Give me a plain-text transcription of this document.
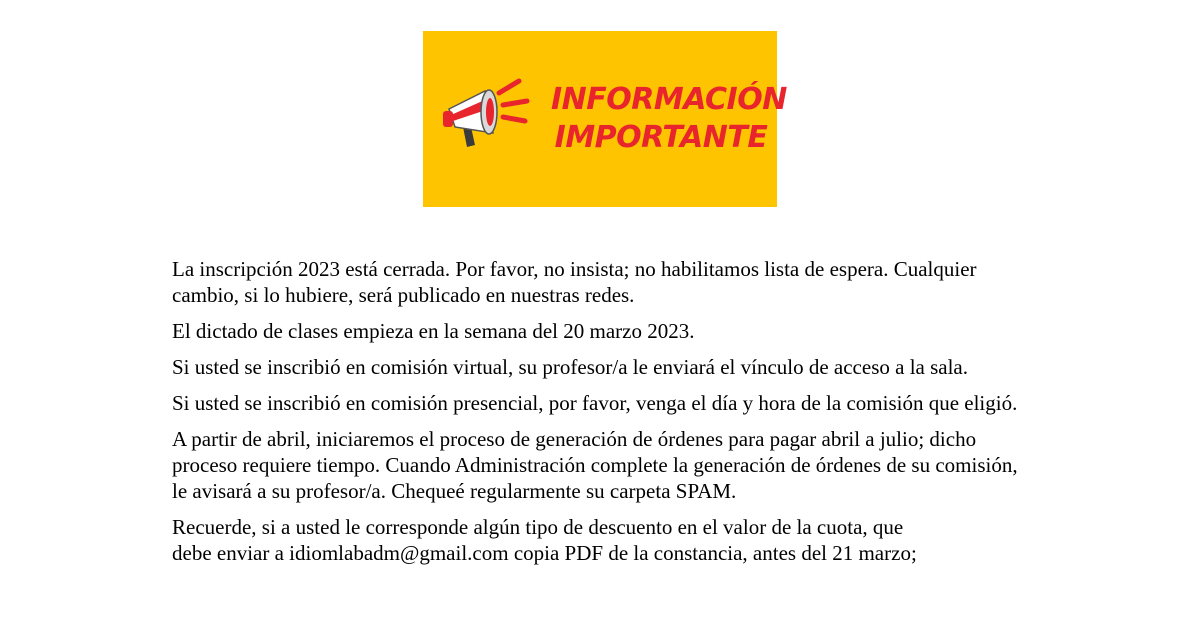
INFORMACIÓN
IMPORTANTE

La inscripción 2023 está cerrada. Por favor, no insista; no habilitamos lista de espera. Cualquier cambio, si lo hubiere, será publicado en nuestras redes.

El dictado de clases empieza en la semana del 20 marzo 2023.

Si usted se inscribió en comisión virtual, su profesor/a le enviará el vínculo de acceso a la sala.

Si usted se inscribió en comisión presencial, por favor, venga el día y hora de la comisión que eligió.

A partir de abril, iniciaremos el proceso de generación de órdenes para pagar abril a julio; dicho proceso requiere tiempo. Cuando Administración complete la generación de órdenes de su comisión, le avisará a su profesor/a. Chequeé regularmente su carpeta SPAM.

Recuerde, si a usted le corresponde algún tipo de descuento en el valor de la cuota, que

debe enviar a idiomlabadm@gmail.com copia PDF de la constancia, antes del 21 marzo;
